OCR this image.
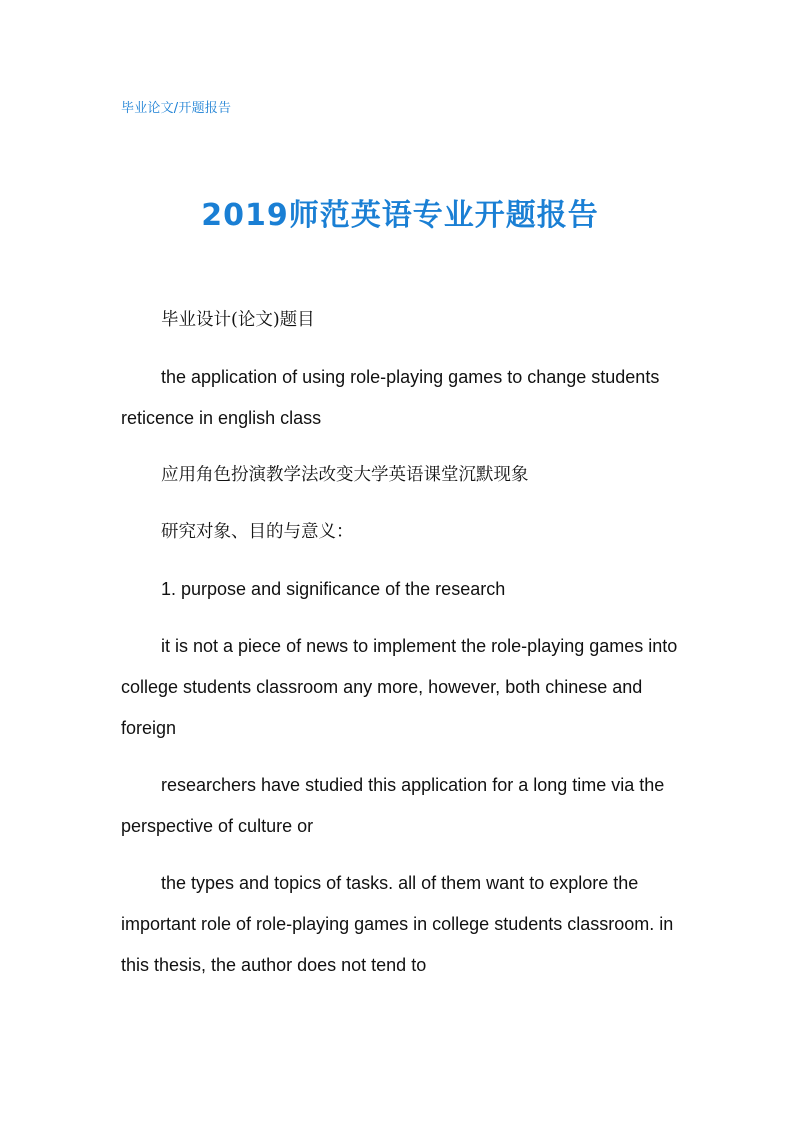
毕业论文/开题报告
2019师范英语专业开题报告

毕业设计(论文)题目

the application of using role-playing games to change students reticence in english class

应用角色扮演教学法改变大学英语课堂沉默现象

研究对象、目的与意义：

1. purpose and significance of the research

it is not a piece of news to implement the role-playing games into college students classroom any more, however, both chinese and foreign

researchers have studied this application for a long time via the perspective of culture or

the types and topics of tasks. all of them want to explore the important role of role-playing games in college students classroom. in this thesis, the author does not tend to
